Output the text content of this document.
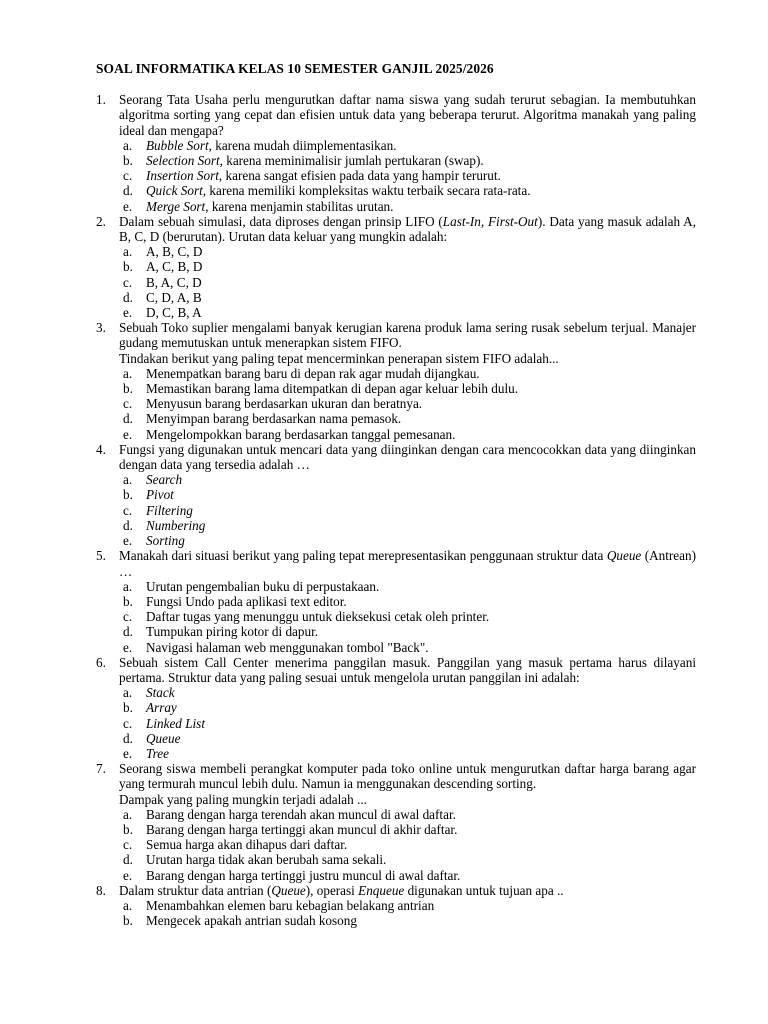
SOAL INFORMATIKA KELAS 10 SEMESTER GANJIL 2025/2026
1. Seorang Tata Usaha perlu mengurutkan daftar nama siswa yang sudah terurut sebagian. Ia membutuhkan algoritma sorting yang cepat dan efisien untuk data yang beberapa terurut. Algoritma manakah yang paling ideal dan mengapa?
a. Bubble Sort, karena mudah diimplementasikan.
b. Selection Sort, karena meminimalisir jumlah pertukaran (swap).
c. Insertion Sort, karena sangat efisien pada data yang hampir terurut.
d. Quick Sort, karena memiliki kompleksitas waktu terbaik secara rata-rata.
e. Merge Sort, karena menjamin stabilitas urutan.
2. Dalam sebuah simulasi, data diproses dengan prinsip LIFO (Last-In, First-Out). Data yang masuk adalah A, B, C, D (berurutan). Urutan data keluar yang mungkin adalah:
a. A, B, C, D
b. A, C, B, D
c. B, A, C, D
d. C, D, A, B
e. D, C, B, A
3. Sebuah Toko suplier mengalami banyak kerugian karena produk lama sering rusak sebelum terjual. Manajer gudang memutuskan untuk menerapkan sistem FIFO.
Tindakan berikut yang paling tepat mencerminkan penerapan sistem FIFO adalah...
a. Menempatkan barang baru di depan rak agar mudah dijangkau.
b. Memastikan barang lama ditempatkan di depan agar keluar lebih dulu.
c. Menyusun barang berdasarkan ukuran dan beratnya.
d. Menyimpan barang berdasarkan nama pemasok.
e. Mengelompokkan barang berdasarkan tanggal pemesanan.
4. Fungsi yang digunakan untuk mencari data yang diinginkan dengan cara mencocokkan data yang diinginkan dengan data yang tersedia adalah …
a. Search
b. Pivot
c. Filtering
d. Numbering
e. Sorting
5. Manakah dari situasi berikut yang paling tepat merepresentasikan penggunaan struktur data Queue (Antrean) …
a. Urutan pengembalian buku di perpustakaan.
b. Fungsi Undo pada aplikasi text editor.
c. Daftar tugas yang menunggu untuk dieksekusi cetak oleh printer.
d. Tumpukan piring kotor di dapur.
e. Navigasi halaman web menggunakan tombol "Back".
6. Sebuah sistem Call Center menerima panggilan masuk. Panggilan yang masuk pertama harus dilayani pertama. Struktur data yang paling sesuai untuk mengelola urutan panggilan ini adalah:
a. Stack
b. Array
c. Linked List
d. Queue
e. Tree
7. Seorang siswa membeli perangkat komputer pada toko online untuk mengurutkan daftar harga barang agar yang termurah muncul lebih dulu. Namun ia menggunakan descending sorting.
Dampak yang paling mungkin terjadi adalah ...
a. Barang dengan harga terendah akan muncul di awal daftar.
b. Barang dengan harga tertinggi akan muncul di akhir daftar.
c. Semua harga akan dihapus dari daftar.
d. Urutan harga tidak akan berubah sama sekali.
e. Barang dengan harga tertinggi justru muncul di awal daftar.
8. Dalam struktur data antrian (Queue), operasi Enqueue digunakan untuk tujuan apa ..
a. Menambahkan elemen baru kebagian belakang antrian
b. Mengecek apakah antrian sudah kosong
